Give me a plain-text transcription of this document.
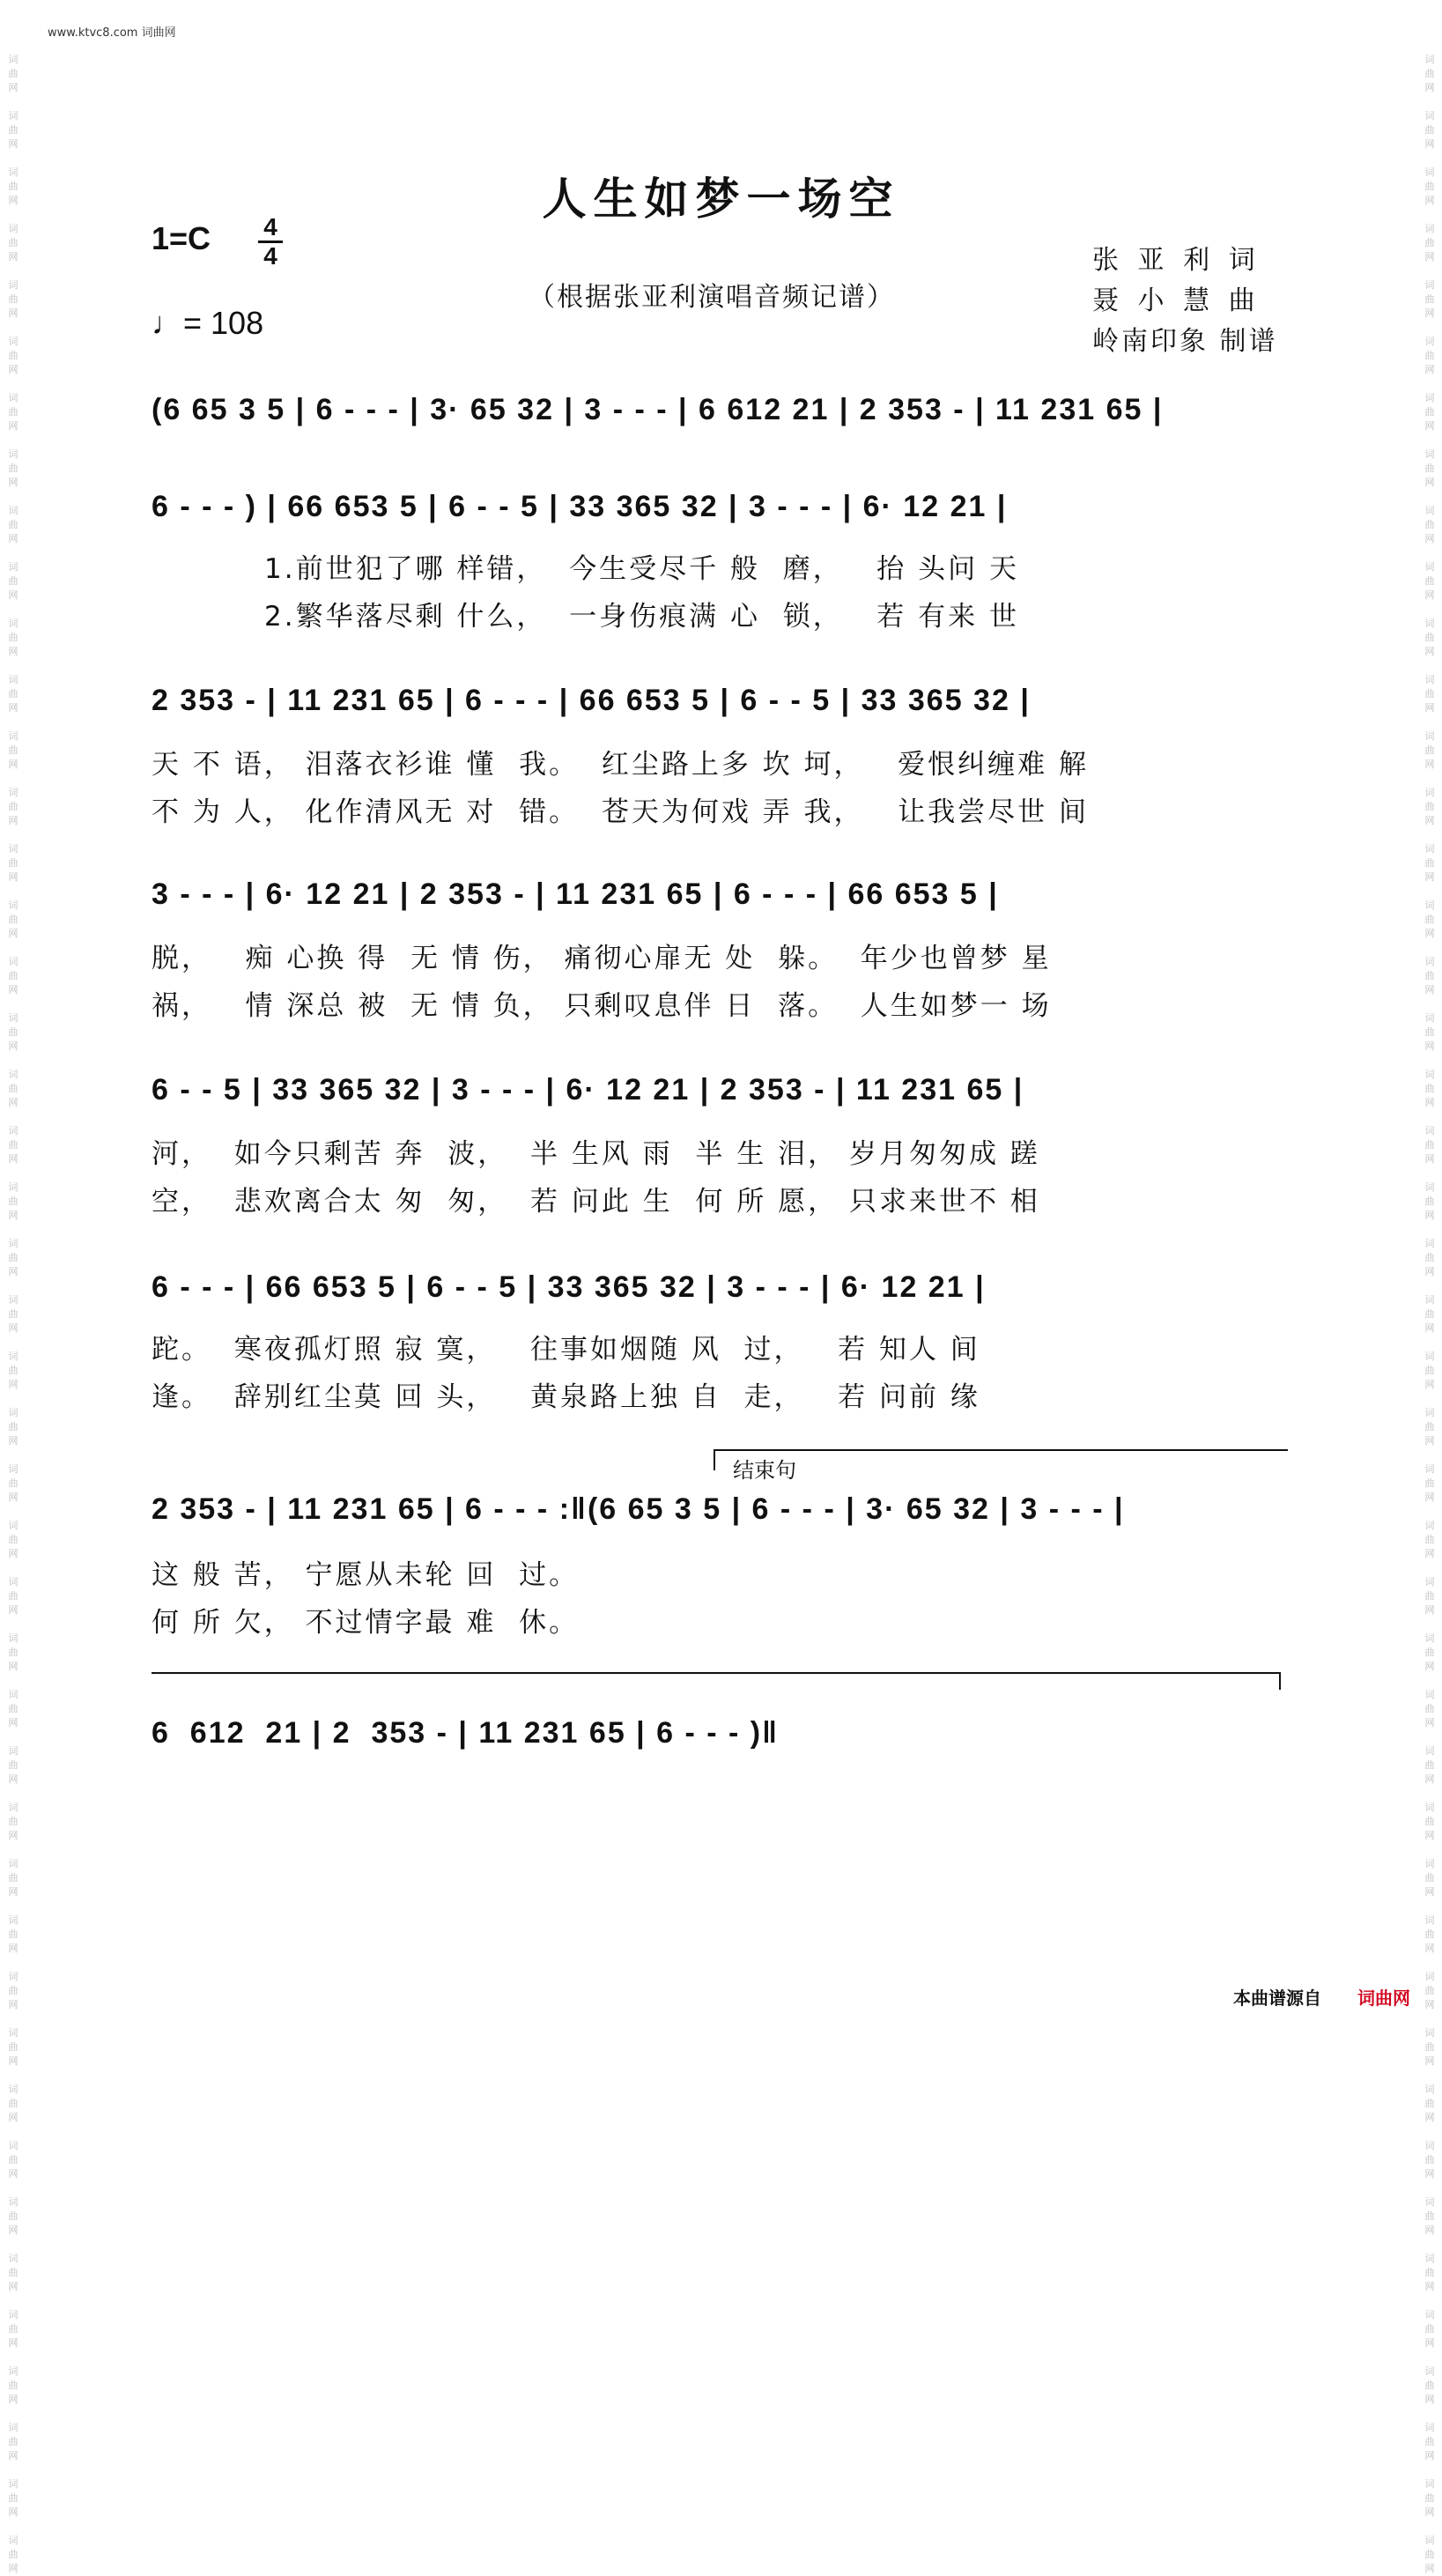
www.ktvc8.com 词曲网
词
曲
网

词
曲
网

词
曲
网

词
曲
网

词
曲
网

词
曲
网

词
曲
网

词
曲
网

词
曲
网

词
曲
网

词
曲
网

词
曲
网

词
曲
网

词
曲
网

词
曲
网

词
曲
网

词
曲
网

词
曲
网

词
曲
网

词
曲
网

词
曲
网

词
曲
网

词
曲
网

词
曲
网

词
曲
网

词
曲
网

词
曲
网

词
曲
网

词
曲
网

词
曲
网

词
曲
网

词
曲
网

词
曲
网

词
曲
网

词
曲
网

词
曲
网

词
曲
网

词
曲
网

词
曲
网

词
曲
网

词
曲
网

词
曲
网

词
曲
网

词
曲
网

词
曲
网

词
曲
网

词
曲
网

词
曲
网

词
曲
网

词
曲
网

词
曲
网

词
曲
网

词
曲
网

词
曲
网

词
曲
网

词
曲
网

词
曲
网

词
曲
网

词
曲
网

词
曲
网

词
曲
网

词
曲
网

词
曲
网

词
曲
网

词
曲
网

词
曲
网

词
曲
网

词
曲
网

词
曲
网

词
曲
网

词
曲
网

词
曲
网

词
曲
网

词
曲
网

词
曲
网

词
曲
网

词
曲
网

词
曲
网

词
曲
网

词
曲
网

词
曲
网

词
曲
网

词
曲
网

词
曲
网

词
曲
网

词
曲
网

词
曲
网

词
曲
网

词
曲
网

词
曲
网

人生如梦一场空
1=C 4
4
♩= 108
（根据张亚利演唱音频记谱）
张 亚 利 词
聂 小 慧 曲
岭南印象 制谱
(6 65 3 5 | 6 - - - | 3· 65 32 | 3 - - - | 6 612 21 | 2 353 - | 11 231 65 |
6 - - - ) | 66 653 5 | 6 - - 5 | 33 365 32 | 3 - - - | 6· 12 21 |
1.前世犯了哪 样错，  今生受尽千 般  磨，   抬 头问 天
2.繁华落尽剩 什么，  一身伤痕满 心  锁，   若 有来 世
2 353 - | 11 231 65 | 6 - - - | 66 653 5 | 6 - - 5 | 33 365 32 |
天 不 语， 泪落衣衫谁 懂  我。  红尘路上多 坎 坷，   爱恨纠缠难 解
不 为 人， 化作清风无 对  错。  苍天为何戏 弄 我，   让我尝尽世 间
3 - - - | 6· 12 21 | 2 353 - | 11 231 65 | 6 - - - | 66 653 5 |
脱，   痴 心换 得  无 情 伤， 痛彻心扉无 处  躲。  年少也曾梦 星
祸，   情 深总 被  无 情 负， 只剩叹息伴 日  落。  人生如梦一 场
6 - - 5 | 33 365 32 | 3 - - - | 6· 12 21 | 2 353 - | 11 231 65 |
河，  如今只剩苦 奔  波，  半 生风 雨  半 生 泪， 岁月匆匆成 蹉
空，  悲欢离合太 匆  匆，  若 问此 生  何 所 愿， 只求来世不 相
6 - - - | 66 653 5 | 6 - - 5 | 33 365 32 | 3 - - - | 6· 12 21 |
跎。  寒夜孤灯照 寂 寞，   往事如烟随 风  过，   若 知人 间
逢。  辞别红尘莫 回 头，   黄泉路上独 自  走，   若 问前 缘
结束句
2 353 - | 11 231 65 | 6 - - - :‖(6 65 3 5 | 6 - - - | 3· 65 32 | 3 - - - |
这 般 苦， 宁愿从未轮 回  过。
何 所 欠， 不过情字最 难  休。
6  612  21 | 2  353 - | 11 231 65 | 6 - - - )‖
本曲谱源自 词曲网
